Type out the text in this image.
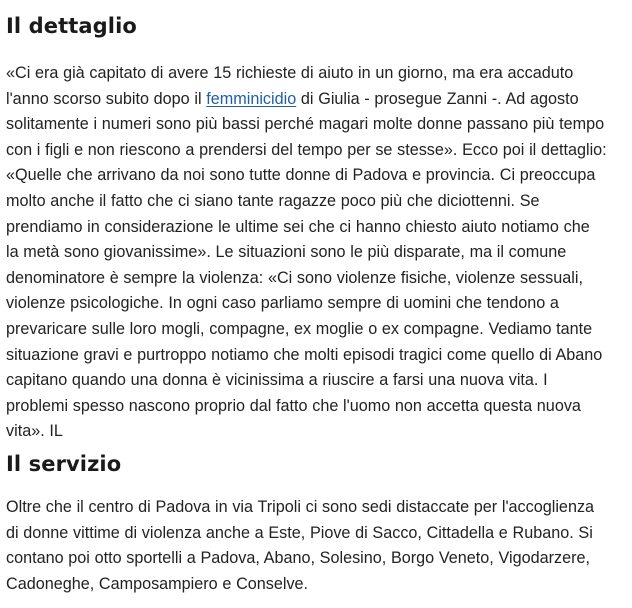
Il dettaglio

«Ci era già capitato di avere 15 richieste di aiuto in un giorno, ma era accaduto
l'anno scorso subito dopo il femminicidio di Giulia - prosegue Zanni -. Ad agosto
solitamente i numeri sono più bassi perché magari molte donne passano più tempo
con i figli e non riescono a prendersi del tempo per se stesse». Ecco poi il dettaglio:
«Quelle che arrivano da noi sono tutte donne di Padova e provincia. Ci preoccupa
molto anche il fatto che ci siano tante ragazze poco più che diciottenni. Se
prendiamo in considerazione le ultime sei che ci hanno chiesto aiuto notiamo che
la metà sono giovanissime». Le situazioni sono le più disparate, ma il comune
denominatore è sempre la violenza: «Ci sono violenze fisiche, violenze sessuali,
violenze psicologiche. In ogni caso parliamo sempre di uomini che tendono a
prevaricare sulle loro mogli, compagne, ex moglie o ex compagne. Vediamo tante
situazione gravi e purtroppo notiamo che molti episodi tragici come quello di Abano
capitano quando una donna è vicinissima a riuscire a farsi una nuova vita. I
problemi spesso nascono proprio dal fatto che l'uomo non accetta questa nuova
vita». IL

Il servizio

Oltre che il centro di Padova in via Tripoli ci sono sedi distaccate per l'accoglienza
di donne vittime di violenza anche a Este, Piove di Sacco, Cittadella e Rubano. Si
contano poi otto sportelli a Padova, Abano, Solesino, Borgo Veneto, Vigodarzere,
Cadoneghe, Camposampiero e Conselve.
